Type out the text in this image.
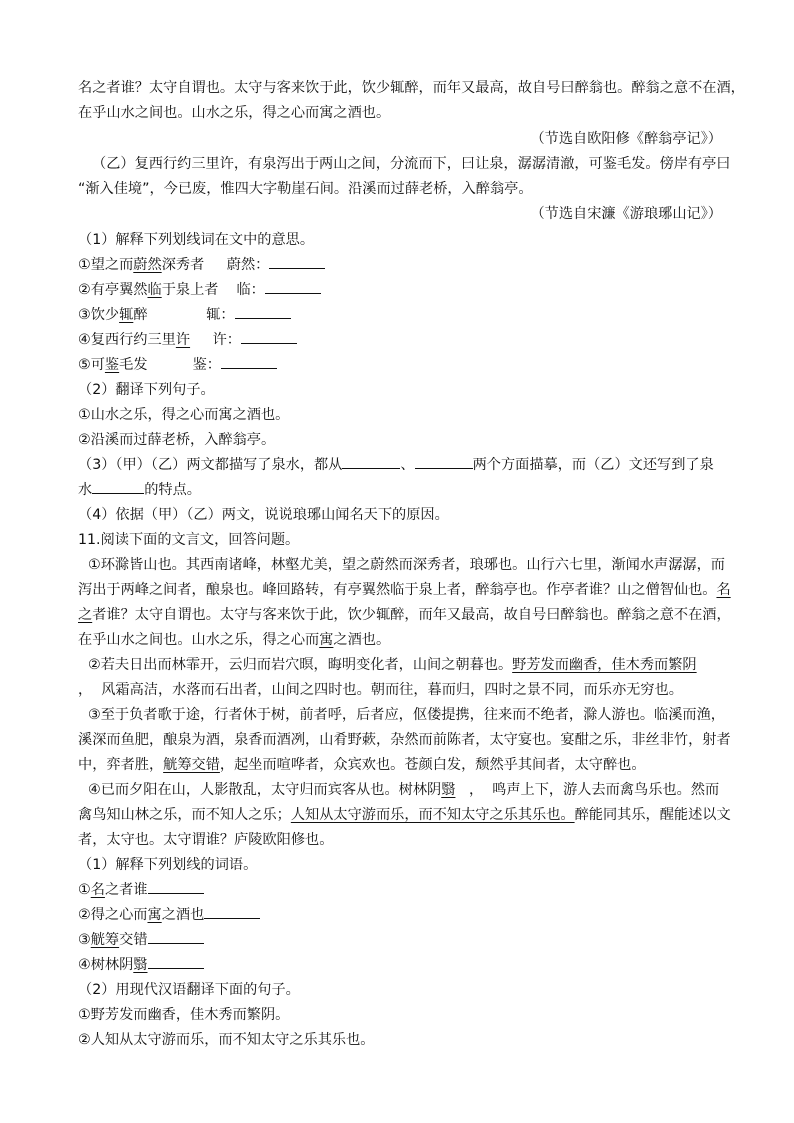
名之者谁？太守自谓也。太守与客来饮于此，饮少辄醉，而年又最高，故自号曰醉翁也。醉翁之意不在酒，
在乎山水之间也。山水之乐，得之心而寓之酒也。
（节选自欧阳修《醉翁亭记》）
（乙）复西行约三里许，有泉泻出于两山之间，分流而下，曰让泉，潺潺清澈，可鉴毛发。傍岸有亭曰
“渐入佳境”，今已废，惟四大字勒崖石间。沿溪而过薛老桥，入醉翁亭。
（节选自宋濂《游琅琊山记》）
（1）解释下列划线词在文中的意思。
①望之而蔚然深秀者     蔚然：
②有亭翼然临于泉上者    临：
③饮少辄醉             辄：
④复西行约三里许     许：
⑤可鉴毛发          鉴：
（2）翻译下列句子。
①山水之乐，得之心而寓之酒也。
②沿溪而过薛老桥，入醉翁亭。
（3）（甲）（乙）两文都描写了泉水，都从	、	两个方面描摹，而（乙）文还写到了泉
水	的特点。
（4）依据（甲）（乙）两文，说说琅琊山闻名天下的原因。
11.阅读下面的文言文，回答问题。
①环滁皆山也。其西南诸峰，林壑尤美，望之蔚然而深秀者，琅琊也。山行六七里，渐闻水声潺潺，而
泻出于两峰之间者，酿泉也。峰回路转，有亭翼然临于泉上者，醉翁亭也。作亭者谁？山之僧智仙也。名
之者谁？太守自谓也。太守与客来饮于此，饮少辄醉，而年又最高，故自号曰醉翁也。醉翁之意不在酒，
在乎山水之间也。山水之乐，得之心而寓之酒也。
②若夫日出而林霏开，云归而岩穴暝，晦明变化者，山间之朝暮也。野芳发而幽香，佳木秀而繁阴
，  风霜高洁，水落而石出者，山间之四时也。朝而往，暮而归，四时之景不同，而乐亦无穷也。
③至于负者歌于途，行者休于树，前者呼，后者应，伛偻提携，往来而不绝者，滁人游也。临溪而渔，
溪深而鱼肥，酿泉为酒，泉香而酒冽，山肴野蔌，杂然而前陈者，太守宴也。宴酣之乐，非丝非竹，射者
中，弈者胜，觥筹交错，起坐而喧哗者，众宾欢也。苍颜白发，颓然乎其间者，太守醉也。
④已而夕阳在山，人影散乱，太守归而宾客从也。树林阴翳   ，  鸣声上下，游人去而禽鸟乐也。然而
禽鸟知山林之乐，而不知人之乐；人知从太守游而乐，而不知太守之乐其乐也。醉能同其乐，醒能述以文
者，太守也。太守谓谁？庐陵欧阳修也。
（1）解释下列划线的词语。
①名之者谁
②得之心而寓之酒也
③觥筹交错
④树林阴翳
（2）用现代汉语翻译下面的句子。
①野芳发而幽香，佳木秀而繁阴。
②人知从太守游而乐，而不知太守之乐其乐也。
